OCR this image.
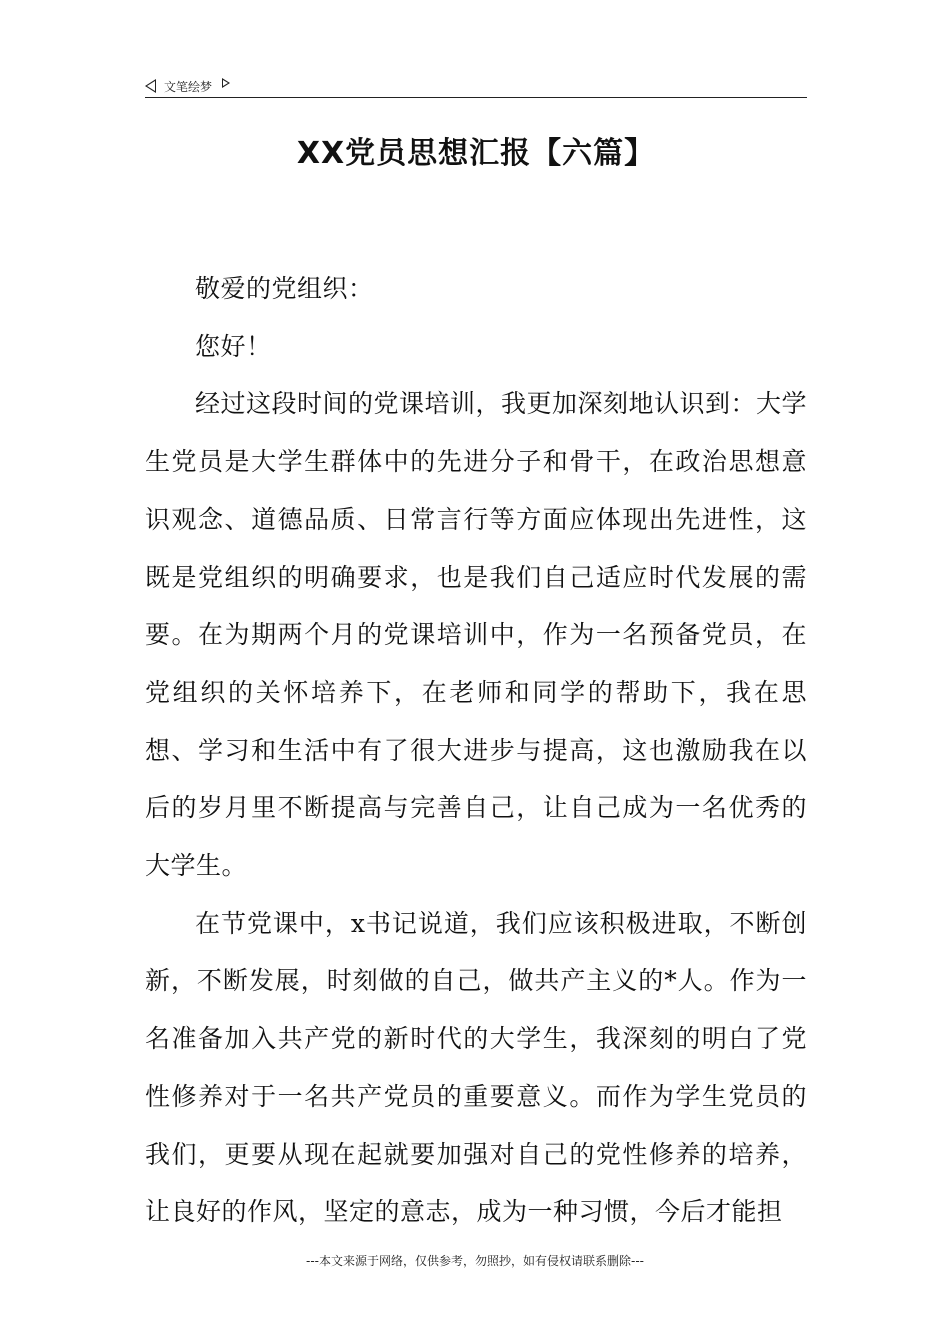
文笔绘梦
XX党员思想汇报【六篇】

敬爱的党组织：

您好！

经过这段时间的党课培训，我更加深刻地认识到：大学生党员是大学生群体中的先进分子和骨干，在政治思想意识观念、道德品质、日常言行等方面应体现出先进性，这既是党组织的明确要求，也是我们自己适应时代发展的需要。在为期两个月的党课培训中，作为一名预备党员，在党组织的关怀培养下，在老师和同学的帮助下，我在思想、学习和生活中有了很大进步与提高，这也激励我在以后的岁月里不断提高与完善自己，让自己成为一名优秀的大学生。

在节党课中，x书记说道，我们应该积极进取，不断创新，不断发展，时刻做的自己，做共产主义的*人。作为一名准备加入共产党的新时代的大学生，我深刻的明白了党性修养对于一名共产党员的重要意义。而作为学生党员的我们，更要从现在起就要加强对自己的党性修养的培养，让良好的作风，坚定的意志，成为一种习惯，今后才能担

---本文来源于网络，仅供参考，勿照抄，如有侵权请联系删除---
